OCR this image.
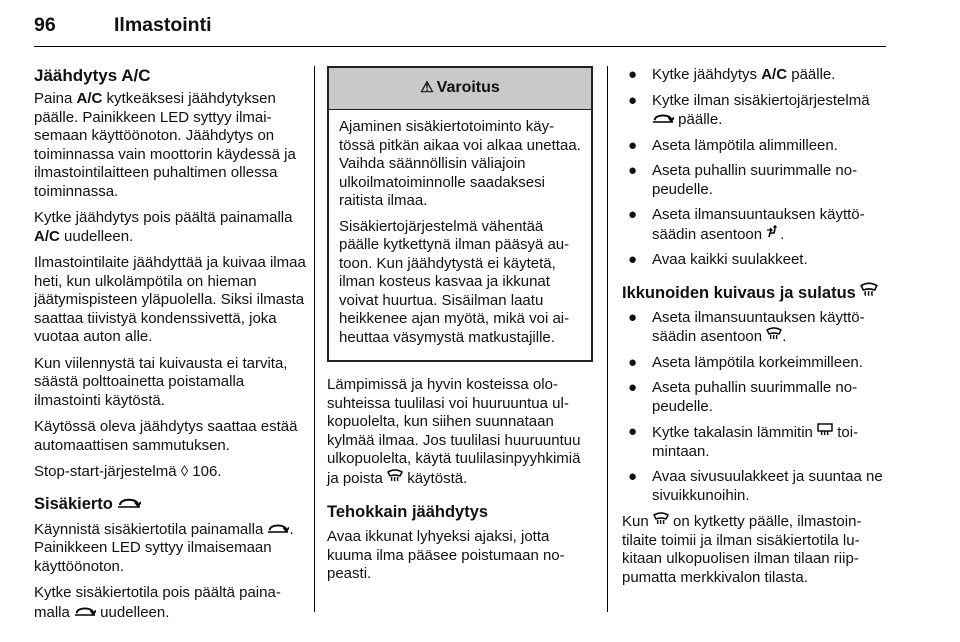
96	Ilmastointi
Jäähdytys A/C

Paina A/C kytkeäksesi jäähdytyksen päälle. Painikkeen LED syttyy ilmaisemaan käyttöönoton. Jäähdytys on toiminnassa vain moottorin käydessä ja ilmastointilaitteen puhaltimen ollessa toiminnassa.

Kytke jäähdytys pois päältä painamalla A/C uudelleen.

Ilmastointilaite jäähdyttää ja kuivaa ilmaa heti, kun ulkolämpötila on hieman jäätymispisteen yläpuolella. Siksi ilmasta saattaa tiivistyä kondenssivettä, joka vuotaa auton alle.

Kun viilennystä tai kuivausta ei tarvita, säästä polttoainetta poistamalla ilmastointi käytöstä.

Käytössä oleva jäähdytys saattaa estää automaattisen sammutuksen.

Stop-start-järjestelmä ◊ 106.

Sisäkierto

Käynnistä sisäkiertotila painamalla . Painikkeen LED syttyy ilmaisemaan käyttöönoton.

Kytke sisäkiertotila pois päältä painamalla  uudelleen.

⚠ Varoitus

Ajaminen sisäkiertotoiminto käytössä pitkän aikaa voi alkaa unettaa. Vaihda säännöllisin väliajoin ulkoilmatoiminnolle saadaksesi raitista ilmaa.

Sisäkiertojärjestelmä vähentää päälle kytkettynä ilman pääsyä autoon. Kun jäähdytystä ei käytetä, ilman kosteus kasvaa ja ikkunat voivat huurtua. Sisäilman laatu heikkenee ajan myötä, mikä voi aiheuttaa väsymystä matkustajille.

Lämpimissä ja hyvin kosteissa olosuhteissa tuulilasi voi huuruuntua ulkopuolelta, kun siihen suunnataan kylmää ilmaa. Jos tuulilasi huuruuntuu ulkopuolelta, käytä tuulilasinpyyhkimiä ja poista  käytöstä.

Tehokkain jäähdytys

Avaa ikkunat lyhyeksi ajaksi, jotta kuuma ilma pääsee poistumaan nopeasti.

● Kytke jäähdytys A/C päälle.
● Kytke ilman sisäkiertojärjestelmä  päälle.
● Aseta lämpötila alimmilleen.
● Aseta puhallin suurimmalle nopeudelle.
● Aseta ilmansuuntauksen käyttösäädin asentoon .
● Avaa kaikki suulakkeet.
Ikkunoiden kuivaus ja sulatus
● Aseta ilmansuuntauksen käyttösäädin asentoon .
● Aseta lämpötila korkeimmilleen.
● Aseta puhallin suurimmalle nopeudelle.
● Kytke takalasin lämmitin  toimintaan.
● Avaa sivusuulakkeet ja suuntaa ne sivuikkunoihin.

Kun  on kytketty päälle, ilmastointilaite toimii ja ilman sisäkiertotila lukitaan ulkopuolisen ilman tilaan riippumatta merkkivalon tilasta.
